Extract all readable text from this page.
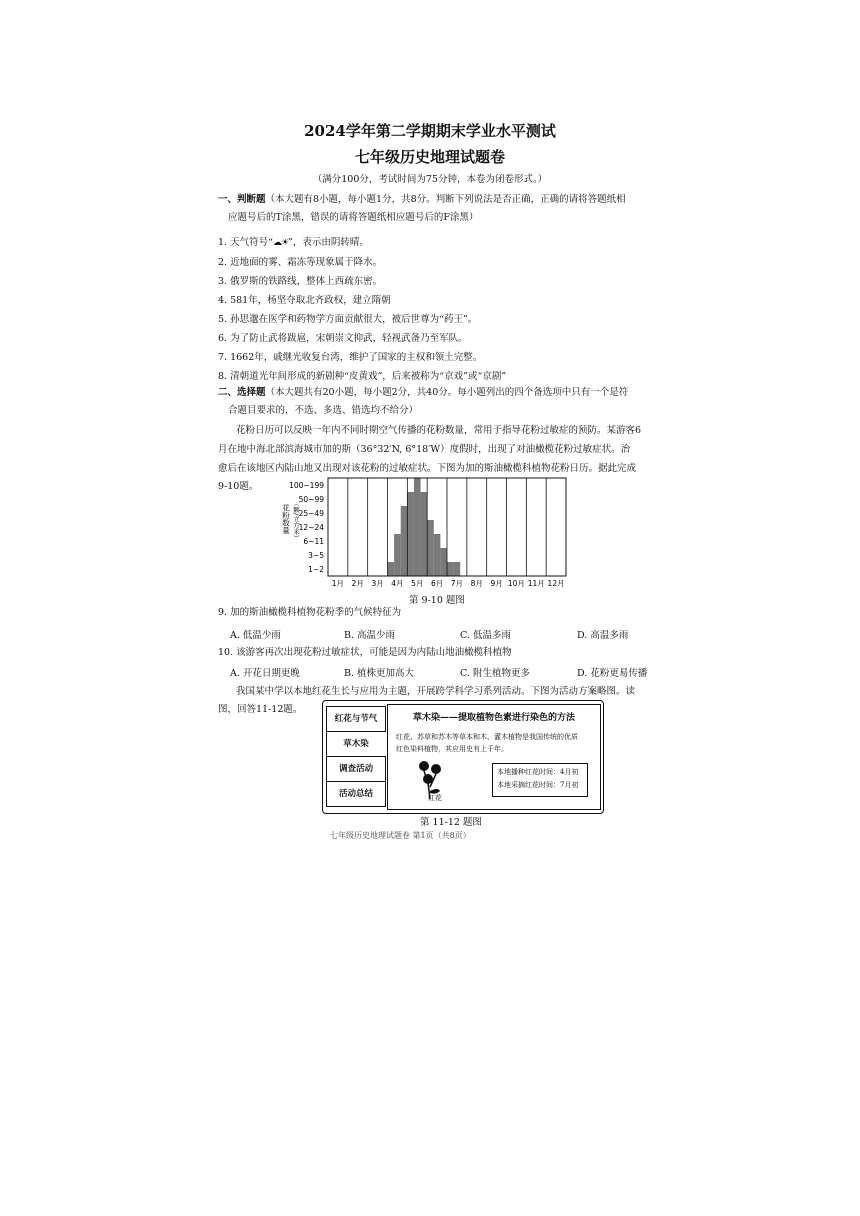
2024学年第二学期期末学业水平测试
七年级历史地理试题卷
（满分100分，考试时间为75分钟，本卷为闭卷形式。）
一、判断题（本大题有8小题，每小题1分，共8分。判断下列说法是否正确，正确的请将答题纸相
应题号后的T涂黑，错误的请将答题纸相应题号后的F涂黑）
1. 天气符号“☁☀”，表示由阴转晴。
2. 近地面的雾、霜冻等现象属于降水。
3. 俄罗斯的铁路线，整体上西疏东密。
4. 581年，杨坚夺取北齐政权，建立隋朝
5. 孙思邈在医学和药物学方面贡献很大，被后世尊为“药王”。
6. 为了防止武将跋扈，宋朝崇文抑武，轻视武备乃至军队。
7. 1662年，戚继光收复台湾，维护了国家的主权和领土完整。
8. 清朝道光年间形成的新剧种“皮黄戏”，后来被称为“京戏”或“京剧”
二、选择题（本大题共有20小题，每小题2分，共40分。每小题列出的四个备选项中只有一个是符
合题目要求的，不选、多选、错选均不给分）
花粉日历可以反映一年内不同时期空气传播的花粉数量，常用于指导花粉过敏症的预防。某游客6
月在地中海北部滨海城市加的斯（36°32′N, 6°18′W）度假时，出现了对油橄榄花粉过敏症状。治
愈后在该地区内陆山地又出现对该花粉的过敏症状。下图为加的斯油橄榄科植物花粉日历。据此完成
9-10题。
1~2
3~5
6~11
12~24
25~49
50~99
100~199
1月 2月 3月 4月 5月 6月 7月 8月 9月 10月 11月 12月
花粉数量 （颗/立方米）
第 9-10 题图
9. 加的斯油橄榄科植物花粉季的气候特征为
A. 低温少雨	B. 高温少雨	C. 低温多雨	D. 高温多雨
10. 该游客再次出现花粉过敏症状，可能是因为内陆山地油橄榄科植物
A. 开花日期更晚	B. 植株更加高大	C. 附生植物更多	D. 花粉更易传播
我国某中学以本地红花生长与应用为主题，开展跨学科学习系列活动。下图为活动方案略图。读
图，回答11-12题。
红花与节气
草木染
调查活动
活动总结
草木染——提取植物色素进行染色的方法
红花、苏草和苏木等草本和木、灌木植物是我国传统的优质
红色染料植物，其应用史有上千年。
红花
本地播种红花时间：4月初
本地采摘红花时间：7月初
第 11-12 题图
七年级历史地理试题卷 第1页（共8页）
